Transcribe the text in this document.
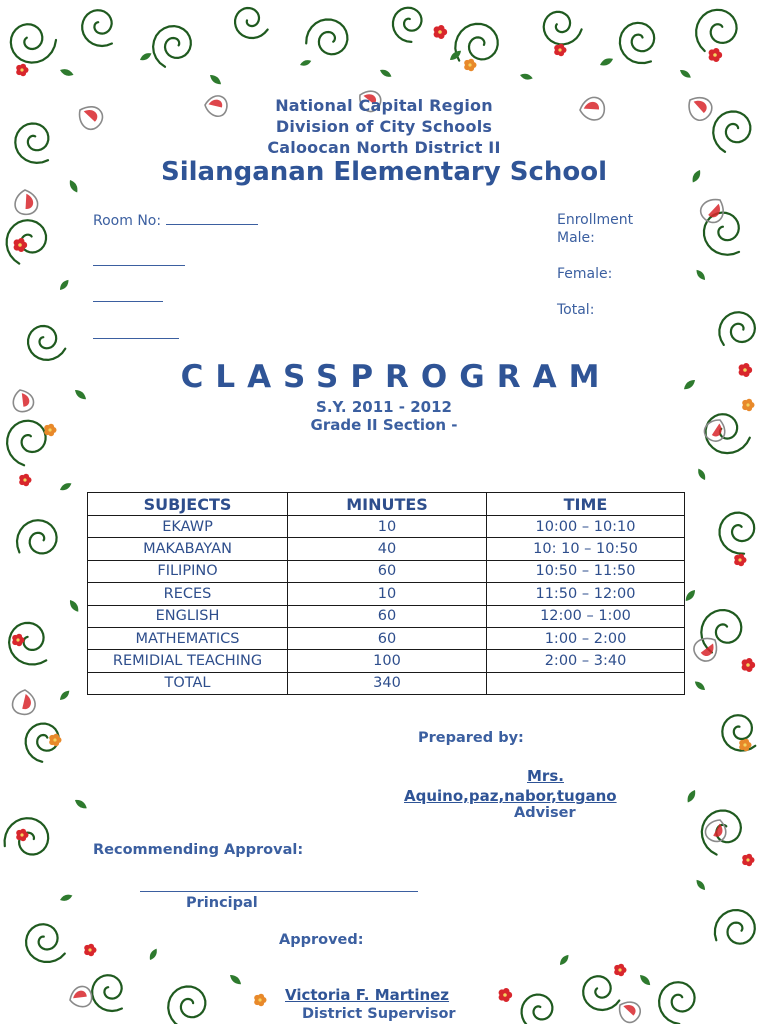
National Capital Region
Division of City Schools
Caloocan North District II
Silanganan Elementary School
Room No:	Enrollment
Male:
Female:
Total:
CLASSPROGRAM
S.Y. 2011 - 2012
Grade II Section -
SUBJECTS	MINUTES	TIME
EKAWP	10	10:00 – 10:10
MAKABAYAN	40	10: 10 – 10:50
FILIPINO	60	10:50 – 11:50
RECES	10	11:50 – 12:00
ENGLISH	60	12:00 – 1:00
MATHEMATICS	60	1:00 – 2:00
REMIDIAL TEACHING	100	2:00 – 3:40
TOTAL	340	
Prepared by:
Mrs.
Aquino,paz,nabor,tugano
Adviser
Recommending Approval:
Principal
Approved:
Victoria F. Martinez
District Supervisor
